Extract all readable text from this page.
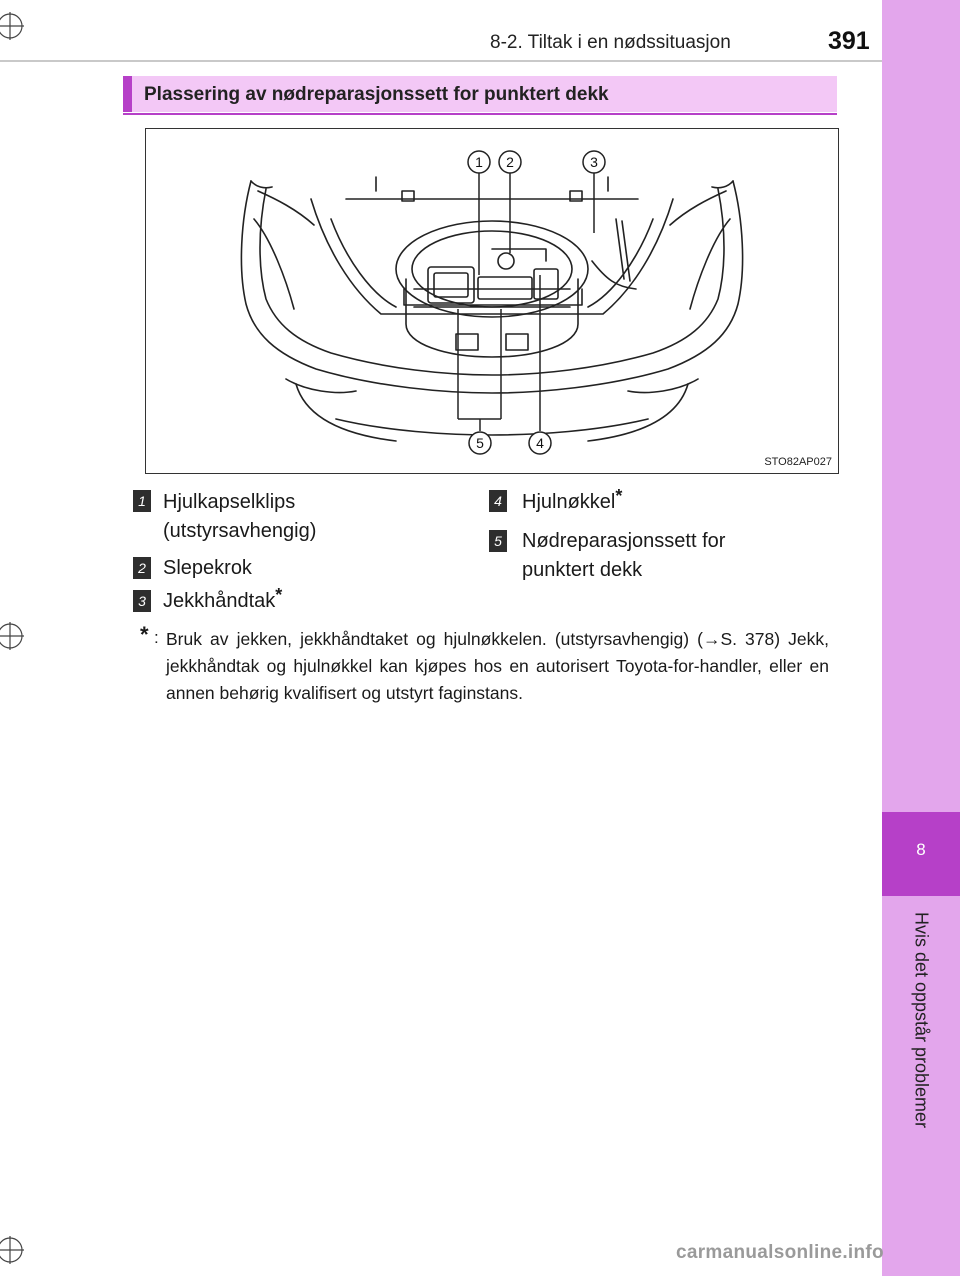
8
Hvis det oppstår problemer
8-2. Tiltak i en nødssituasjon	391
Plassering av nødreparasjonssett for punktert dekk
1 2	3
5	4
STO82AP027
1 Hjulkapselklips
(utstyrsavhengig)
2 Slepekrok
3 Jekkhåndtak*
4 Hjulnøkkel*
5 Nødreparasjonssett for
punktert dekk
* : Bruk av jekken, jekkhåndtaket og hjulnøkkelen. (utstyrsavhengig) (→S. 378) Jekk, jekkhåndtak og hjulnøkkel kan kjøpes hos en autorisert Toyota-for-handler, eller en annen behørig kvalifisert og utstyrt faginstans.
carmanualsonline.info
